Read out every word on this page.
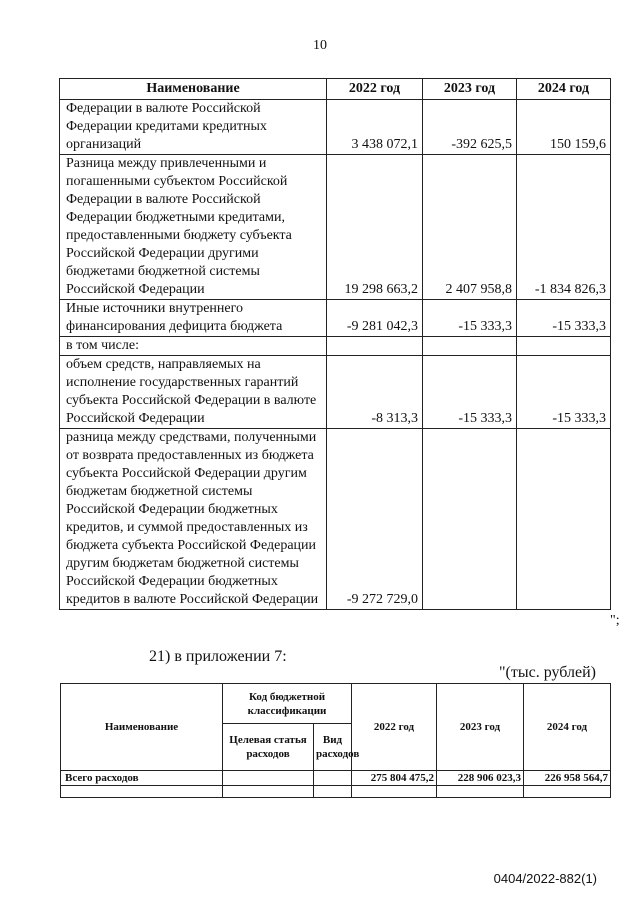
10
Наименование	2022 год	2023 год	2024 год
Федерации в валюте Российской Федерации кредитами кредитных организаций	3 438 072,1	-392 625,5	150 159,6
Разница между привлеченными и погашенными субъектом Российской Федерации в валюте Российской Федерации бюджетными кредитами, предоставленными бюджету субъекта Российской Федерации другими бюджетами бюджетной системы Российской Федерации	19 298 663,2	2 407 958,8	-1 834 826,3
Иные источники внутреннего финансирования дефицита бюджета	-9 281 042,3	-15 333,3	-15 333,3
в том числе:			
объем средств, направляемых на исполнение государственных гарантий субъекта Российской Федерации в валюте Российской Федерации	-8 313,3	-15 333,3	-15 333,3
разница между средствами, полученными от возврата предоставленных из бюджета субъекта Российской Федерации другим бюджетам бюджетной системы Российской Федерации бюджетных кредитов, и суммой предоставленных из бюджета субъекта Российской Федерации другим бюджетам бюджетной системы Российской Федерации бюджетных кредитов в валюте Российской Федерации	-9 272 729,0		
";
21) в приложении 7:
"(тыс. рублей)
Наименование	Код бюджетной классификации		2022 год	2023 год	2024 год
	Целевая статья расходов	Вид расходов			
Всего расходов			275 804 475,2	228 906 023,3	226 958 564,7

0404/2022-882(1)
